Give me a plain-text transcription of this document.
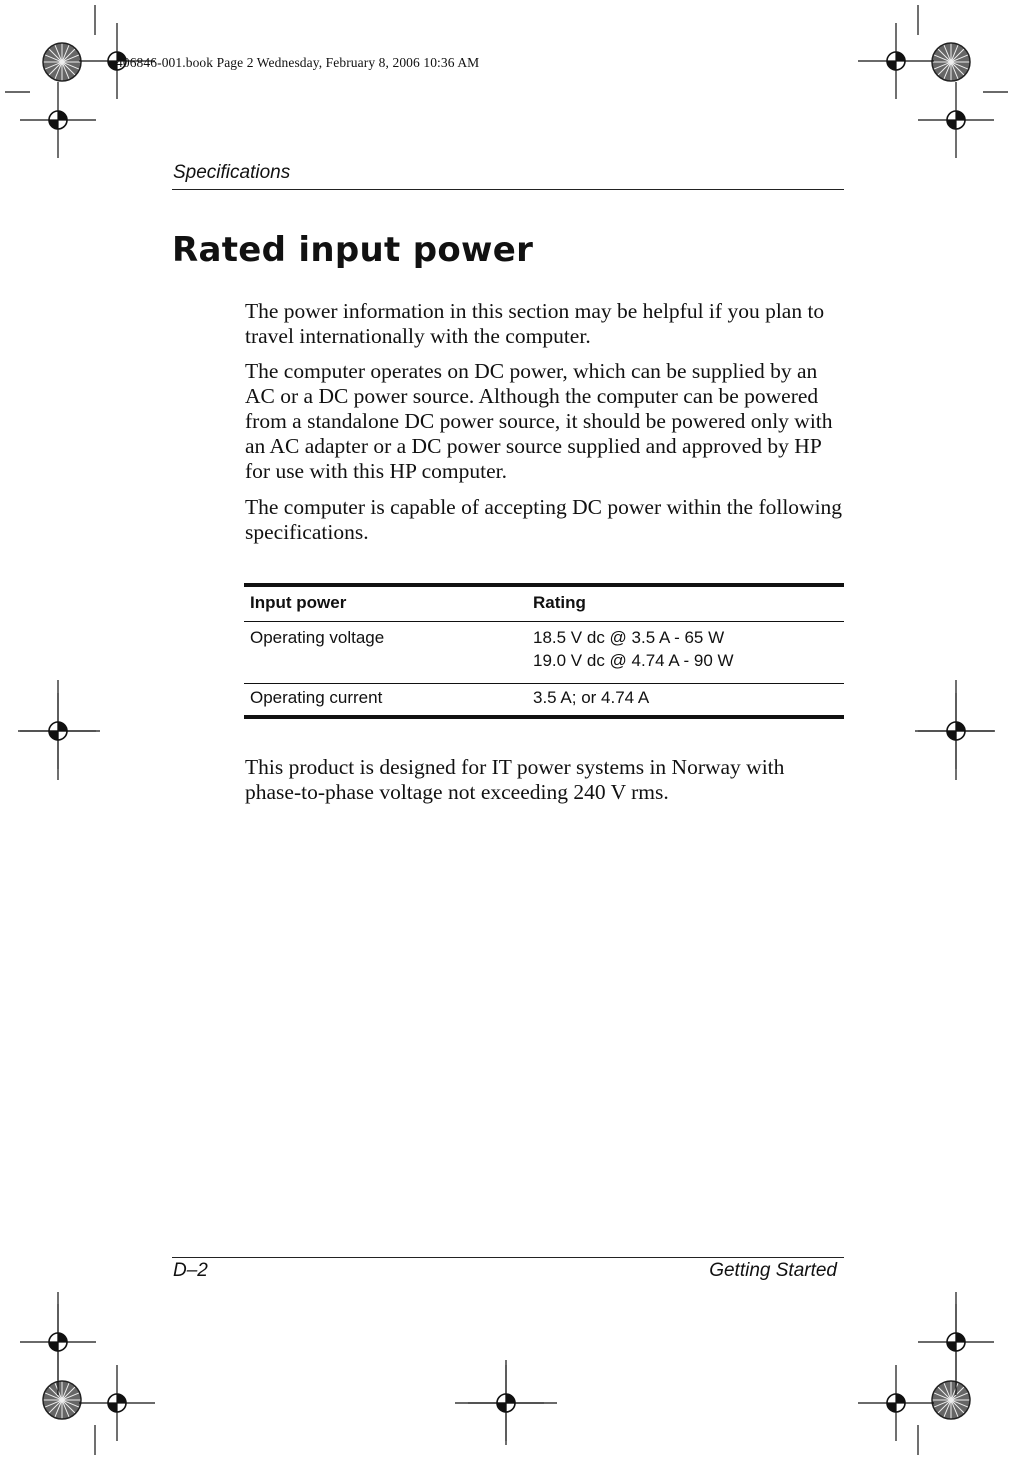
406846-001.book Page 2 Wednesday, February 8, 2006 10:36 AM
Specifications
Rated input power

The power information in this section may be helpful if you plan to travel internationally with the computer.

The computer operates on DC power, which can be supplied by an AC or a DC power source. Although the computer can be powered from a standalone DC power source, it should be powered only with an AC adapter or a DC power source supplied and approved by HP for use with this HP computer.

The computer is capable of accepting DC power within the following specifications.

Input power	Rating
Operating voltage	18.5 V dc @ 3.5 A - 65 W
19.0 V dc @ 4.74 A - 90 W

Operating current	3.5 A; or 4.74 A

This product is designed for IT power systems in Norway with phase-to-phase voltage not exceeding 240 V rms.

D–2	Getting Started
